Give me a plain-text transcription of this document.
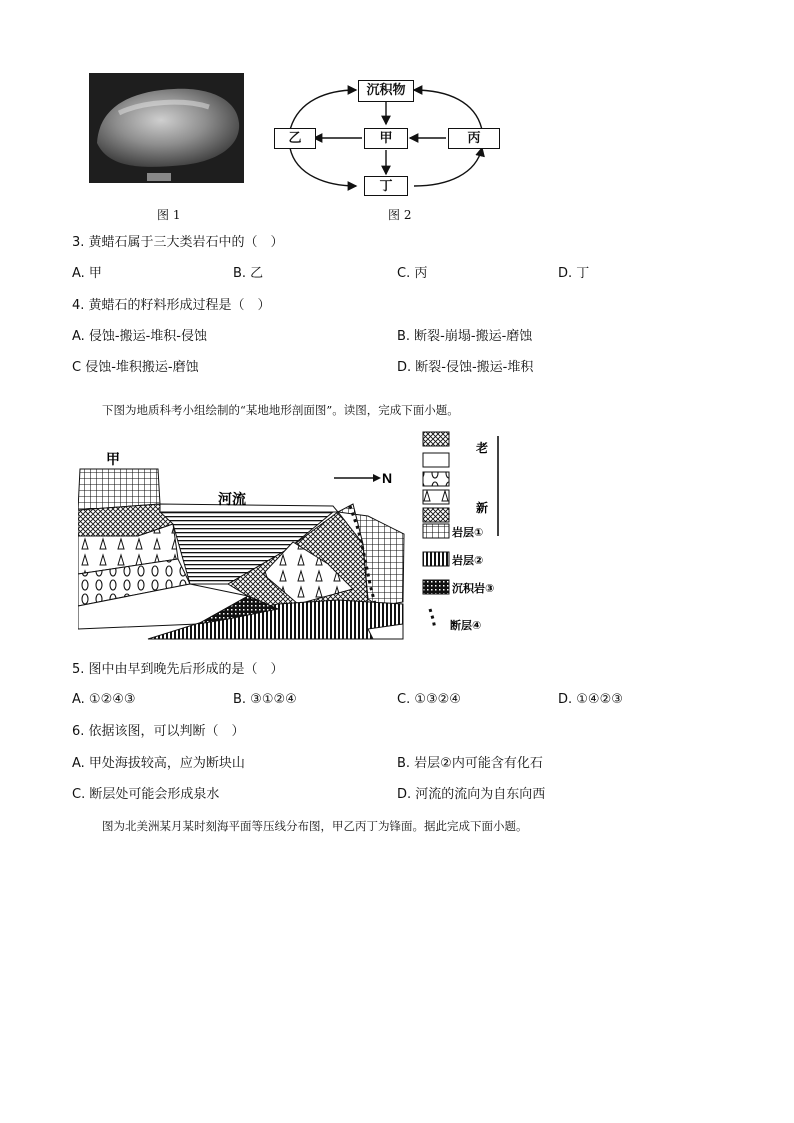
图 1
沉积物
乙	甲	丙
丁
图 2
3. 黄蜡石属于三大类岩石中的（　）
A. 甲	B. 乙	C. 丙	D. 丁
4. 黄蜡石的籽料形成过程是（　）
A. 侵蚀-搬运-堆积-侵蚀	B. 断裂-崩塌-搬运-磨蚀
C 侵蚀-堆积搬运-磨蚀	D. 断裂-侵蚀-搬运-堆积
下图为地质科考小组绘制的“某地地形剖面图”。读图，完成下面小题。
N
甲
河流
老
新
岩层①
岩层②
沉积岩③
断层④
5. 图中由早到晚先后形成的是（　）
A. ①②④③	B. ③①②④	C. ①③②④	D. ①④②③
6. 依据该图，可以判断（　）
A. 甲处海拔较高，应为断块山	B. 岩层②内可能含有化石
C. 断层处可能会形成泉水	D. 河流的流向为自东向西
图为北美洲某月某时刻海平面等压线分布图，甲乙丙丁为锋面。据此完成下面小题。
